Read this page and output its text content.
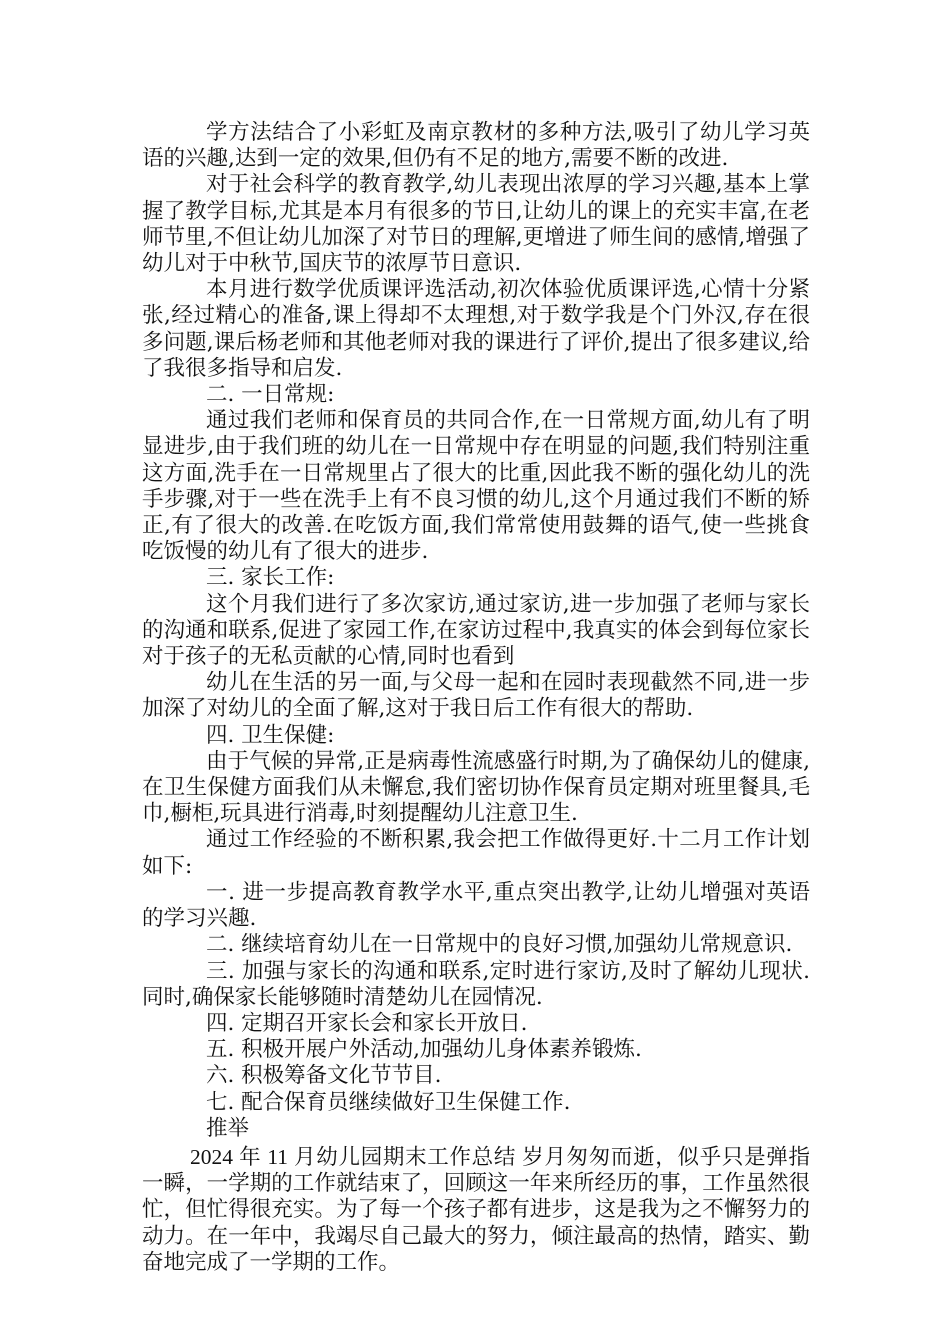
学方法结合了小彩虹及南京教材的多种方法,吸引了幼儿学习英语的兴趣,达到一定的效果,但仍有不足的地方,需要不断的改进.

对于社会科学的教育教学,幼儿表现出浓厚的学习兴趣,基本上掌握了教学目标,尤其是本月有很多的节日,让幼儿的课上的充实丰富,在老师节里,不但让幼儿加深了对节日的理解,更增进了师生间的感情,增强了幼儿对于中秋节,国庆节的浓厚节日意识.

本月进行数学优质课评选活动,初次体验优质课评选,心情十分紧张,经过精心的准备,课上得却不太理想,对于数学我是个门外汉,存在很多问题,课后杨老师和其他老师对我的课进行了评价,提出了很多建议,给了我很多指导和启发.

二. 一日常规:

通过我们老师和保育员的共同合作,在一日常规方面,幼儿有了明显进步,由于我们班的幼儿在一日常规中存在明显的问题,我们特别注重这方面,洗手在一日常规里占了很大的比重,因此我不断的强化幼儿的洗手步骤,对于一些在洗手上有不良习惯的幼儿,这个月通过我们不断的矫正,有了很大的改善.在吃饭方面,我们常常使用鼓舞的语气,使一些挑食吃饭慢的幼儿有了很大的进步.

三. 家长工作:

这个月我们进行了多次家访,通过家访,进一步加强了老师与家长的沟通和联系,促进了家园工作,在家访过程中,我真实的体会到每位家长对于孩子的无私贡献的心情,同时也看到

幼儿在生活的另一面,与父母一起和在园时表现截然不同,进一步加深了对幼儿的全面了解,这对于我日后工作有很大的帮助.

四. 卫生保健:

由于气候的异常,正是病毒性流感盛行时期,为了确保幼儿的健康,在卫生保健方面我们从未懈怠,我们密切协作保育员定期对班里餐具,毛巾,橱柜,玩具进行消毒,时刻提醒幼儿注意卫生.

通过工作经验的不断积累,我会把工作做得更好.十二月工作计划如下:

一. 进一步提高教育教学水平,重点突出教学,让幼儿增强对英语的学习兴趣.

二. 继续培育幼儿在一日常规中的良好习惯,加强幼儿常规意识.

三. 加强与家长的沟通和联系,定时进行家访,及时了解幼儿现状.同时,确保家长能够随时清楚幼儿在园情况.

四. 定期召开家长会和家长开放日.

五. 积极开展户外活动,加强幼儿身体素养锻炼.

六. 积极筹备文化节节目.

七. 配合保育员继续做好卫生保健工作.

推举

2024 年 11 月幼儿园期末工作总结 岁月匆匆而逝，似乎只是弹指一瞬，一学期的工作就结束了，回顾这一年来所经历的事，工作虽然很忙，但忙得很充实。为了每一个孩子都有进步，这是我为之不懈努力的动力。在一年中，我竭尽自己最大的努力，倾注最高的热情，踏实、勤奋地完成了一学期的工作。
